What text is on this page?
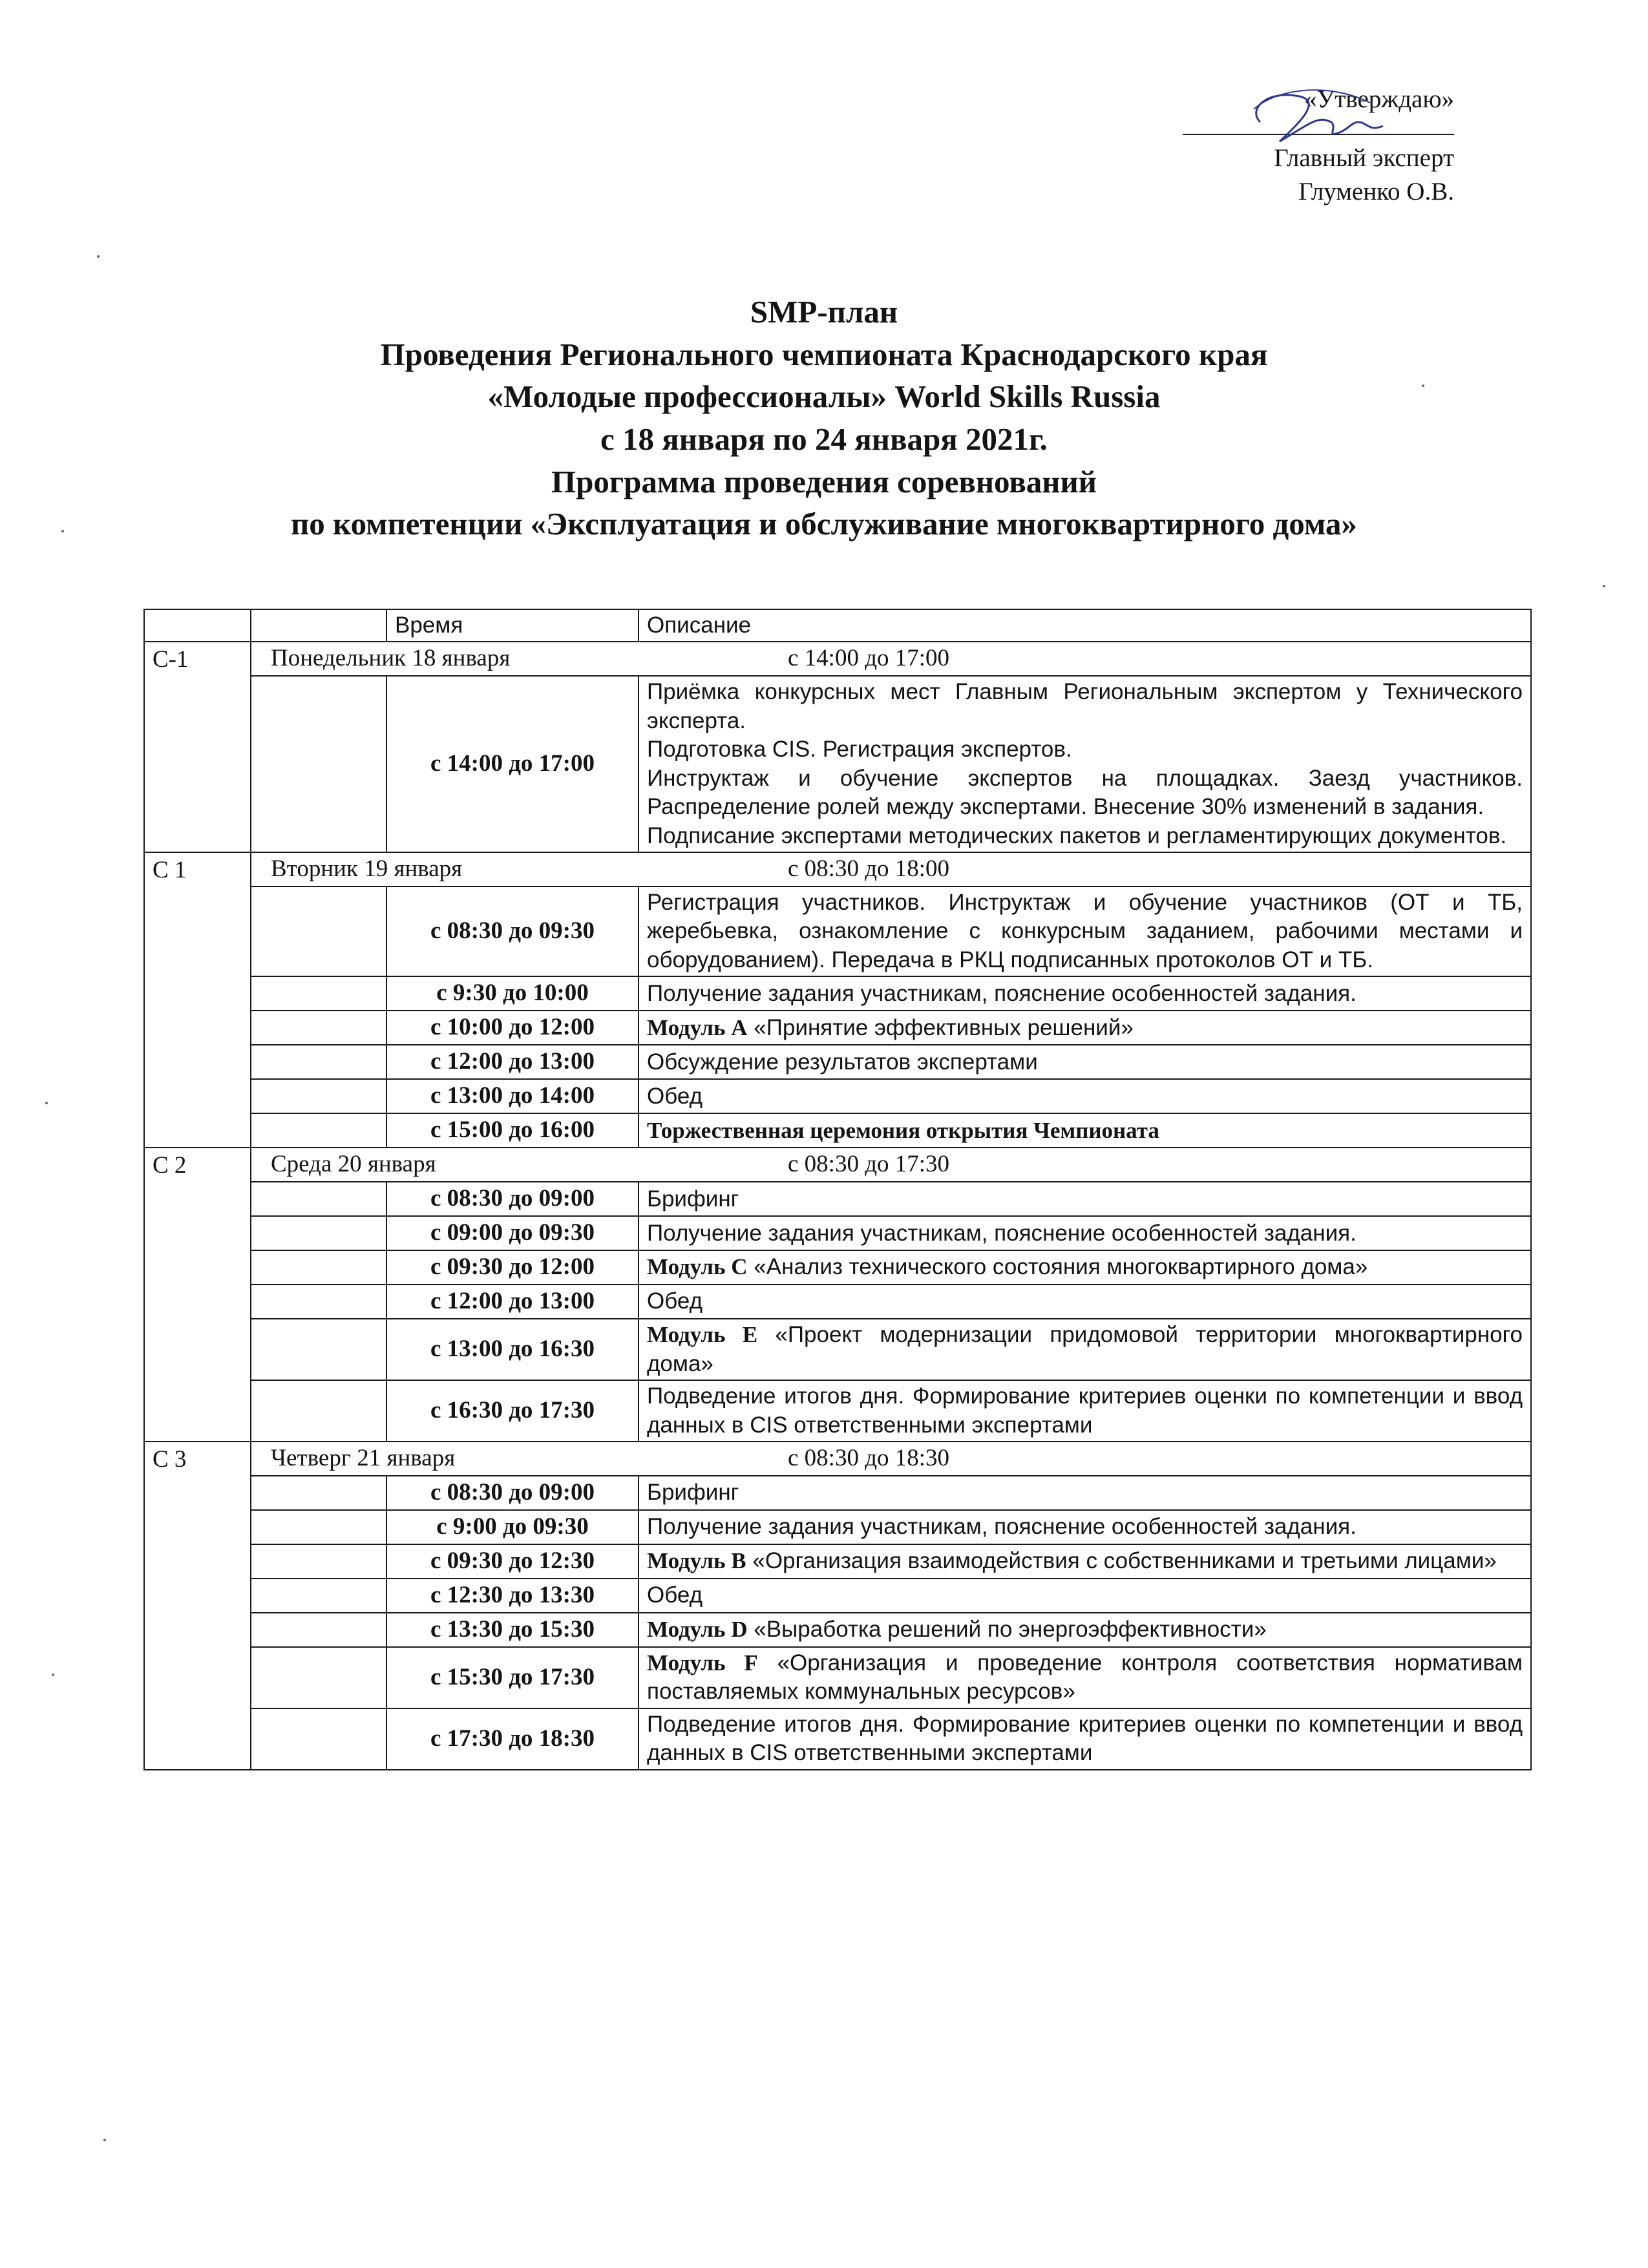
«Утверждаю»
Главный эксперт
Глуменко О.В.
SMP-план
Проведения Регионального чемпионата Краснодарского края
«Молодые профессионалы» World Skills Russia
с 18 января по 24 января 2021г.
Программа проведения соревнований
по компетенции «Эксплуатация и обслуживание многоквартирного дома»
		Время	Описание
С-1	Понедельник 18 января с 14:00 до 17:00		
		с 14:00 до 17:00	Приёмка конкурсных мест Главным Региональным экспертом у Технического эксперта.

Подготовка CIS. Регистрация экспертов.

Инструктаж и обучение экспертов на площадках. Заезд участников. Распределение ролей между экспертами. Внесение 30% изменений в задания.

Подписание экспертами методических пакетов и регламентирующих документов.

С 1	Вторник 19 января с 08:30 до 18:00		
		с 08:30 до 09:30	Регистрация участников. Инструктаж и обучение участников (ОТ и ТБ, жеребьевка, ознакомление с конкурсным заданием, рабочими местами и оборудованием). Передача в РКЦ подписанных протоколов ОТ и ТБ.
		с 9:30 до 10:00	Получение задания участникам, пояснение особенностей задания.
		с 10:00 до 12:00	Модуль А «Принятие эффективных решений»
		с 12:00 до 13:00	Обсуждение результатов экспертами
		с 13:00 до 14:00	Обед
		с 15:00 до 16:00	Торжественная церемония открытия Чемпионата
С 2	Среда 20 января с 08:30 до 17:30		
		с 08:30 до 09:00	Брифинг
		с 09:00 до 09:30	Получение задания участникам, пояснение особенностей задания.
		с 09:30 до 12:00	Модуль С «Анализ технического состояния многоквартирного дома»
		с 12:00 до 13:00	Обед
		с 13:00 до 16:30	Модуль Е «Проект модернизации придомовой территории многоквартирного дома»
		с 16:30 до 17:30	Подведение итогов дня. Формирование критериев оценки по компетенции и ввод данных в CIS ответственными экспертами
С 3	Четверг 21 января с 08:30 до 18:30		
		с 08:30 до 09:00	Брифинг
		с 9:00 до 09:30	Получение задания участникам, пояснение особенностей задания.
		с 09:30 до 12:30	Модуль В «Организация взаимодействия с собственниками и третьими лицами»
		с 12:30 до 13:30	Обед
		с 13:30 до 15:30	Модуль D «Выработка решений по энергоэффективности»
		с 15:30 до 17:30	Модуль F «Организация и проведение контроля соответствия нормативам поставляемых коммунальных ресурсов»
		с 17:30 до 18:30	Подведение итогов дня. Формирование критериев оценки по компетенции и ввод данных в CIS ответственными экспертами
